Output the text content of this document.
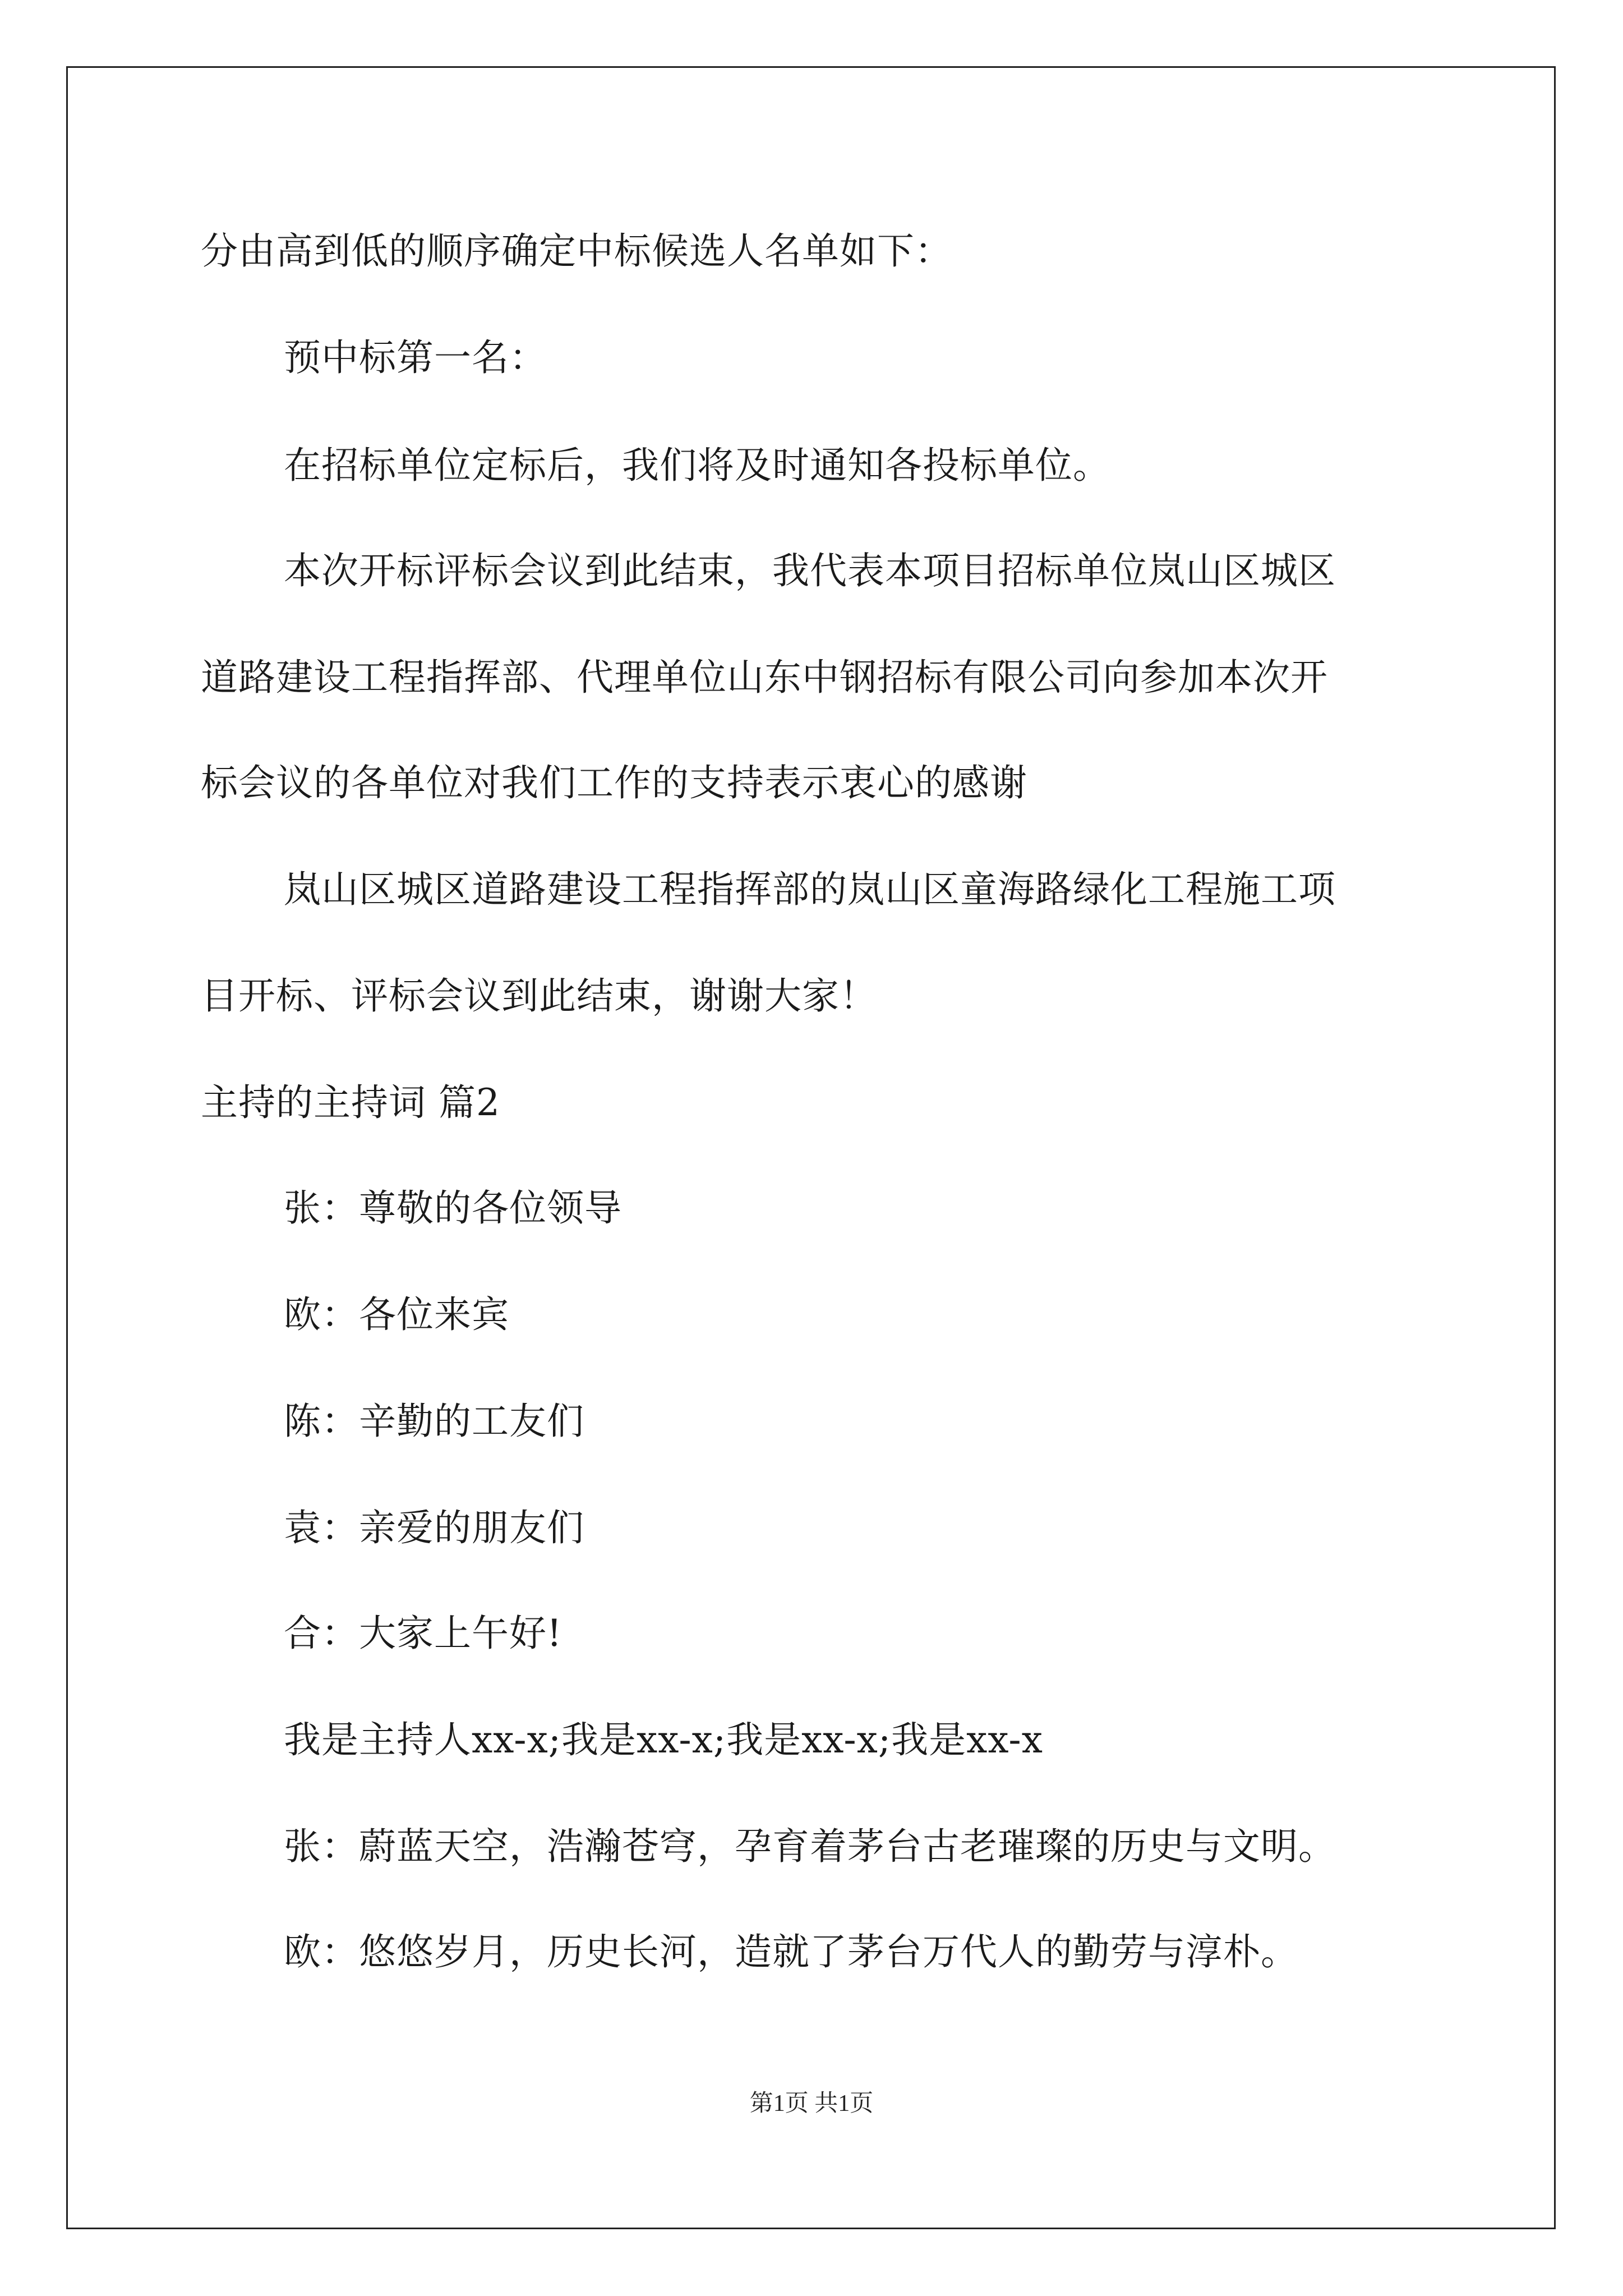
分由高到低的顺序确定中标候选人名单如下：
预中标第一名：
在招标单位定标后，我们将及时通知各投标单位。
本次开标评标会议到此结束，我代表本项目招标单位岚山区城区
道路建设工程指挥部、代理单位山东中钢招标有限公司向参加本次开
标会议的各单位对我们工作的支持表示衷心的感谢
岚山区城区道路建设工程指挥部的岚山区童海路绿化工程施工项
目开标、评标会议到此结束，谢谢大家！
主持的主持词 篇2
张：尊敬的各位领导
欧：各位来宾
陈：辛勤的工友们
袁：亲爱的朋友们
合：大家上午好!
我是主持人xx-x;我是xx-x;我是xx-x;我是xx-x
张：蔚蓝天空，浩瀚苍穹，孕育着茅台古老璀璨的历史与文明。
欧：悠悠岁月，历史长河，造就了茅台万代人的勤劳与淳朴。
第1页 共1页
